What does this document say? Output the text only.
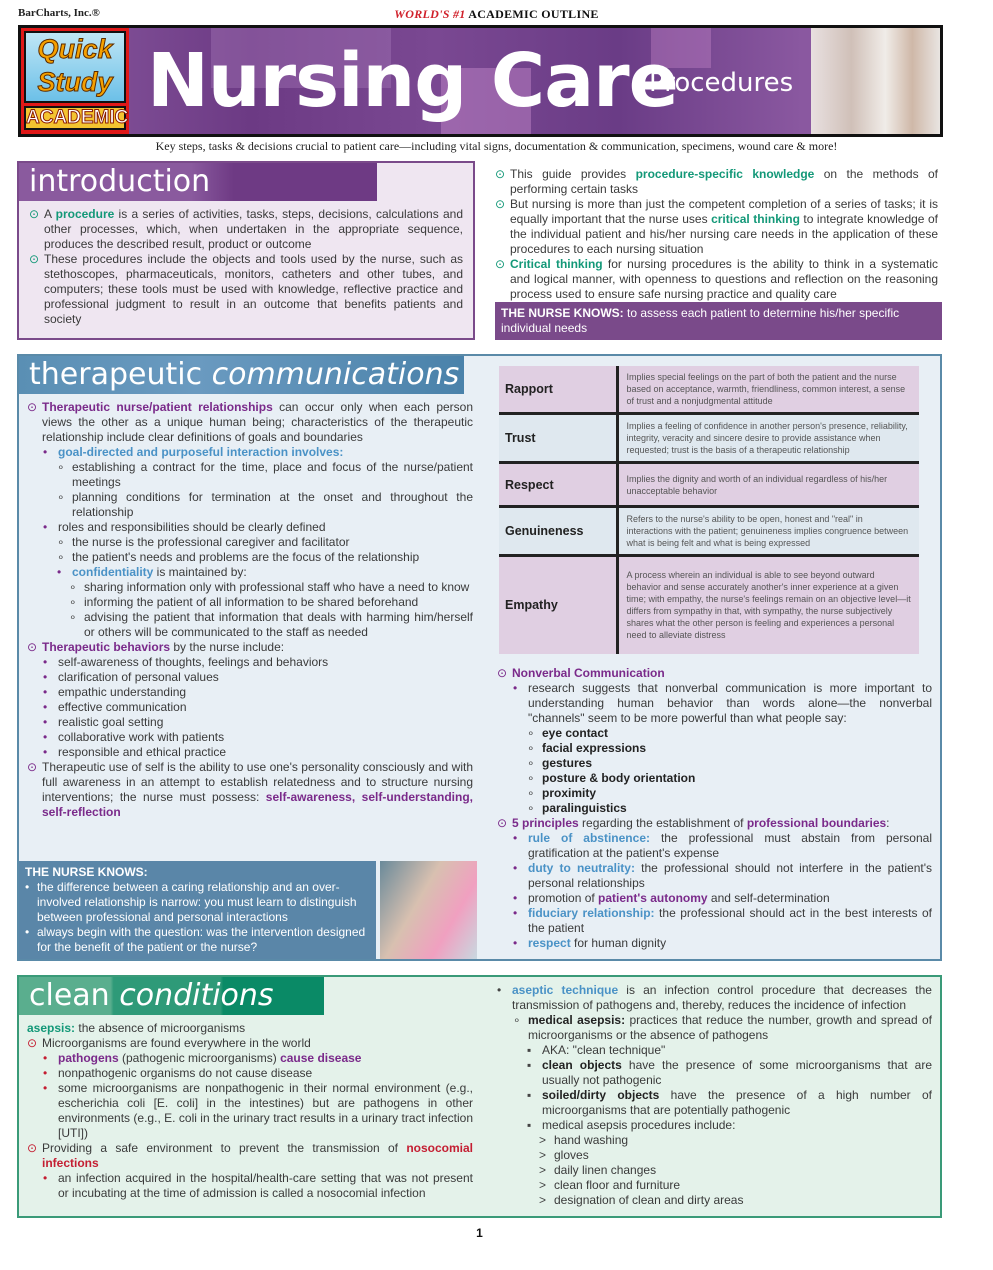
BarCharts, Inc.®	WORLD'S #1 ACADEMIC OUTLINE
Quick
Study
ACADEMIC Nursing Care
Procedures
Key steps, tasks & decisions crucial to patient care—including vital signs, documentation & communication, specimens, wound care & more!
introduction
⊙ A procedure is a series of activities, tasks, steps, decisions, calculations and other processes, which, when undertaken in the appropriate sequence, produces the described result, product or outcome
⊙ These procedures include the objects and tools used by the nurse, such as stethoscopes, pharmaceuticals, monitors, catheters and other tubes, and computers; these tools must be used with knowledge, reflective practice and professional judgment to result in an outcome that benefits patients and society
⊙ This guide provides procedure-specific knowledge on the methods of performing certain tasks
⊙ But nursing is more than just the competent completion of a series of tasks; it is equally important that the nurse uses critical thinking to integrate knowledge of the individual patient and his/her nursing care needs in the application of these procedures to each nursing situation
⊙ Critical thinking for nursing procedures is the ability to think in a systematic and logical manner, with openness to questions and reflection on the reasoning process used to ensure safe nursing practice and quality care
THE NURSE KNOWS: to assess each patient to determine his/her specific individual needs
therapeutic communications
⊙ Therapeutic nurse/patient relationships can occur only when each person views the other as a unique human being; characteristics of the therapeutic relationship include clear definitions of goals and boundaries
• goal-directed and purposeful interaction involves:
∘ establishing a contract for the time, place and focus of the nurse/patient meetings
∘ planning conditions for termination at the onset and throughout the relationship
• roles and responsibilities should be clearly defined
∘ the nurse is the professional caregiver and facilitator
∘ the patient's needs and problems are the focus of the relationship
• confidentiality is maintained by:
∘ sharing information only with professional staff who have a need to know
∘ informing the patient of all information to be shared beforehand
∘ advising the patient that information that deals with harming him/herself or others will be communicated to the staff as needed
⊙ Therapeutic behaviors by the nurse include:
• self-awareness of thoughts, feelings and behaviors
• clarification of personal values
• empathic understanding
• effective communication
• realistic goal setting
• collaborative work with patients
• responsible and ethical practice
⊙ Therapeutic use of self is the ability to use one's personality consciously and with full awareness in an attempt to establish relatedness and to structure nursing interventions; the nurse must possess: self-awareness, self-understanding, self-reflection
THE NURSE KNOWS:
• the difference between a caring relationship and an over-involved relationship is narrow: you must learn to distinguish between professional and personal interactions
• always begin with the question: was the intervention designed for the benefit of the patient or the nurse?
Rapport	Implies special feelings on the part of both the patient and the nurse based on acceptance, warmth, friendliness, common interest, a sense of trust and a nonjudgmental attitude
Trust	Implies a feeling of confidence in another person's presence, reliability, integrity, veracity and sincere desire to provide assistance when requested; trust is the basis of a therapeutic relationship
Respect	Implies the dignity and worth of an individual regardless of his/her unacceptable behavior
Genuineness	Refers to the nurse's ability to be open, honest and "real" in interactions with the patient; genuineness implies congruence between what is being felt and what is being expressed
Empathy	A process wherein an individual is able to see beyond outward behavior and sense accurately another's inner experience at a given time; with empathy, the nurse's feelings remain on an objective level—it differs from sympathy in that, with sympathy, the nurse subjectively shares what the other person is feeling and experiences a personal need to alleviate distress
⊙ Nonverbal Communication
• research suggests that nonverbal communication is more important to understanding human behavior than words alone—the nonverbal "channels" seem to be more powerful than what people say:
∘ eye contact
∘ facial expressions
∘ gestures
∘ posture & body orientation
∘ proximity
∘ paralinguistics
⊙ 5 principles regarding the establishment of professional boundaries:
• rule of abstinence: the professional must abstain from personal gratification at the patient's expense
• duty to neutrality: the professional should not interfere in the patient's personal relationships
• promotion of patient's autonomy and self-determination
• fiduciary relationship: the professional should act in the best interests of the patient
• respect for human dignity
clean conditions
asepsis: the absence of microorganisms
⊙ Microorganisms are found everywhere in the world
• pathogens (pathogenic microorganisms) cause disease
• nonpathogenic organisms do not cause disease
• some microorganisms are nonpathogenic in their normal environment (e.g., escherichia coli [E. coli] in the intestines) but are pathogens in other environments (e.g., E. coli in the urinary tract results in a urinary tract infection [UTI])
⊙ Providing a safe environment to prevent the transmission of nosocomial infections
• an infection acquired in the hospital/health-care setting that was not present or incubating at the time of admission is called a nosocomial infection
• aseptic technique is an infection control procedure that decreases the transmission of pathogens and, thereby, reduces the incidence of infection
∘ medical asepsis: practices that reduce the number, growth and spread of microorganisms or the absence of pathogens
▪ AKA: "clean technique"
▪ clean objects have the presence of some microorganisms that are usually not pathogenic
▪ soiled/dirty objects have the presence of a high number of microorganisms that are potentially pathogenic
▪ medical asepsis procedures include:
> hand washing
> gloves
> daily linen changes
> clean floor and furniture
> designation of clean and dirty areas
1
